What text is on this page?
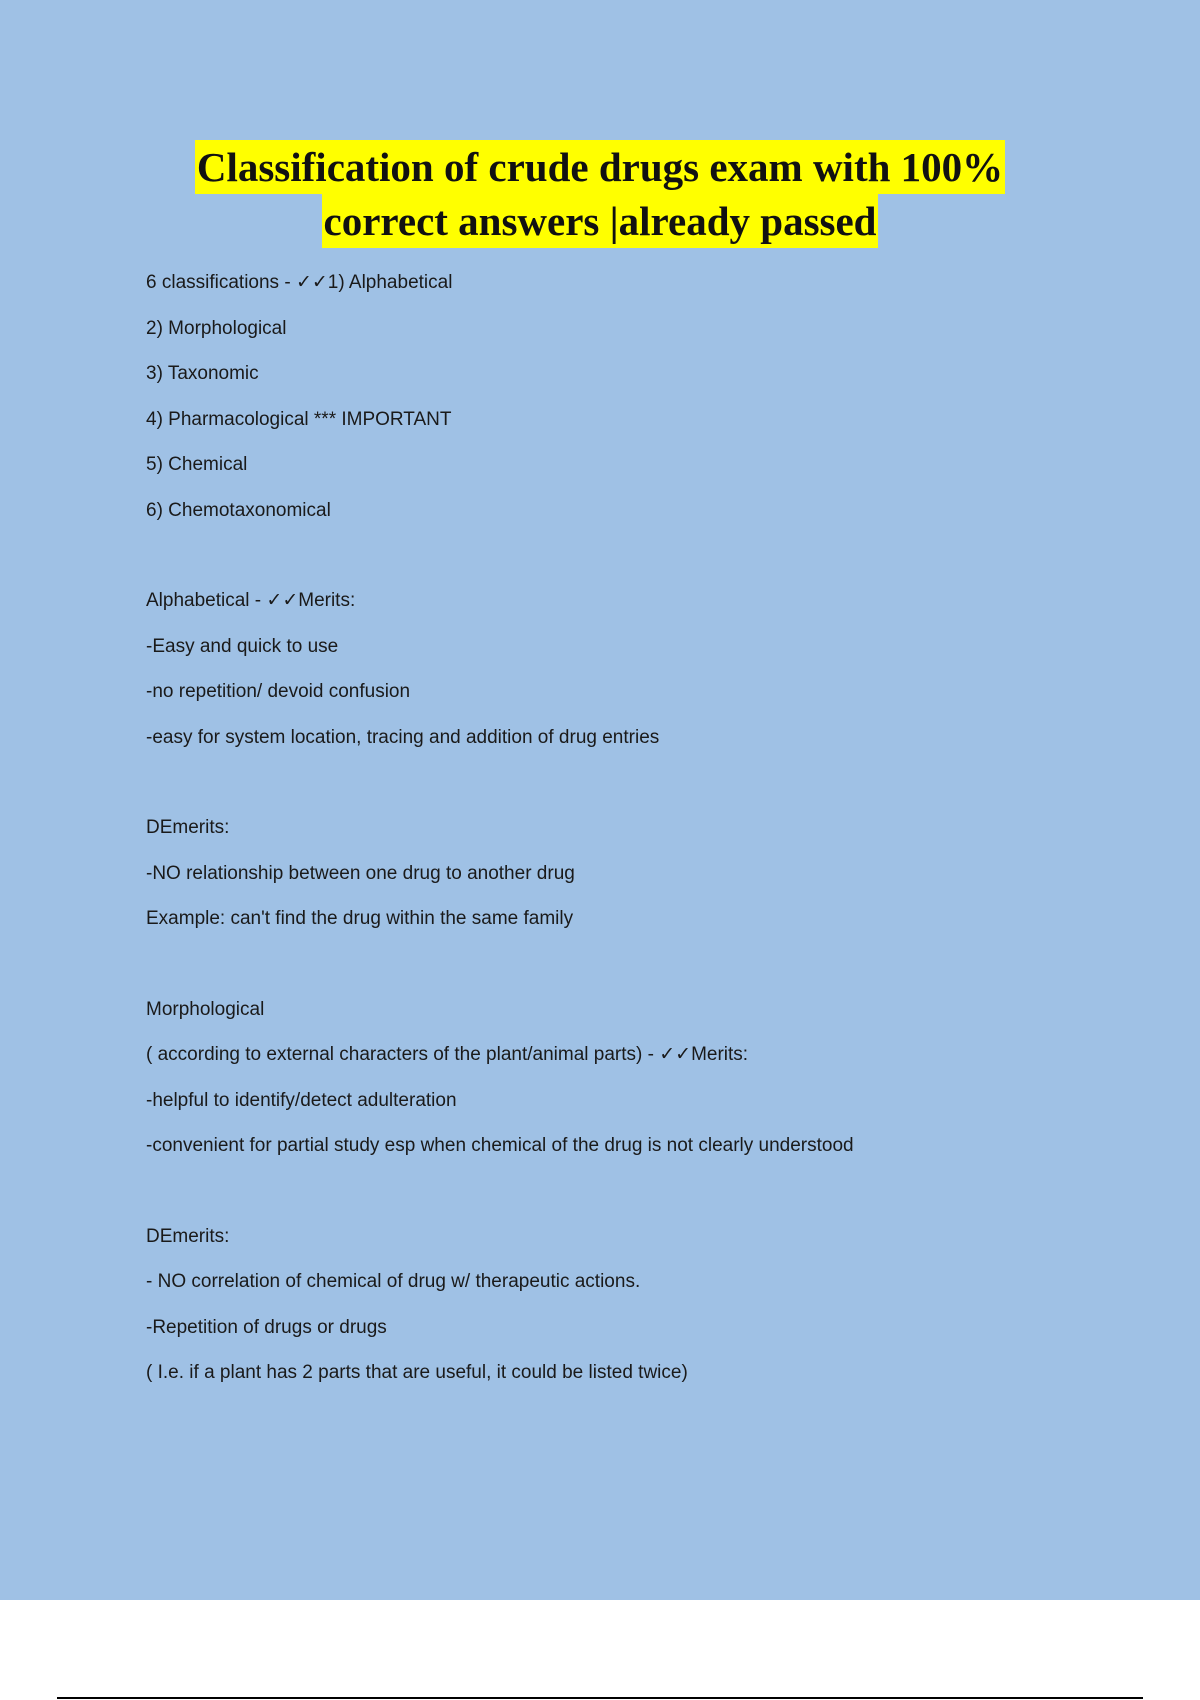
Classification of crude drugs exam with 100%
correct answers |already passed
6 classifications - ✓✓1) Alphabetical
2) Morphological
3) Taxonomic
4) Pharmacological *** IMPORTANT
5) Chemical
6) Chemotaxonomical
Alphabetical - ✓✓Merits:
-Easy and quick to use
-no repetition/ devoid confusion
-easy for system location, tracing and addition of drug entries
DEmerits:
-NO relationship between one drug to another drug
Example: can't find the drug within the same family
Morphological
( according to external characters of the plant/animal parts) - ✓✓Merits:
-helpful to identify/detect adulteration
-convenient for partial study esp when chemical of the drug is not clearly understood
DEmerits:
- NO correlation of chemical of drug w/ therapeutic actions.
-Repetition of drugs or drugs
( I.e. if a plant has 2 parts that are useful, it could be listed twice)
